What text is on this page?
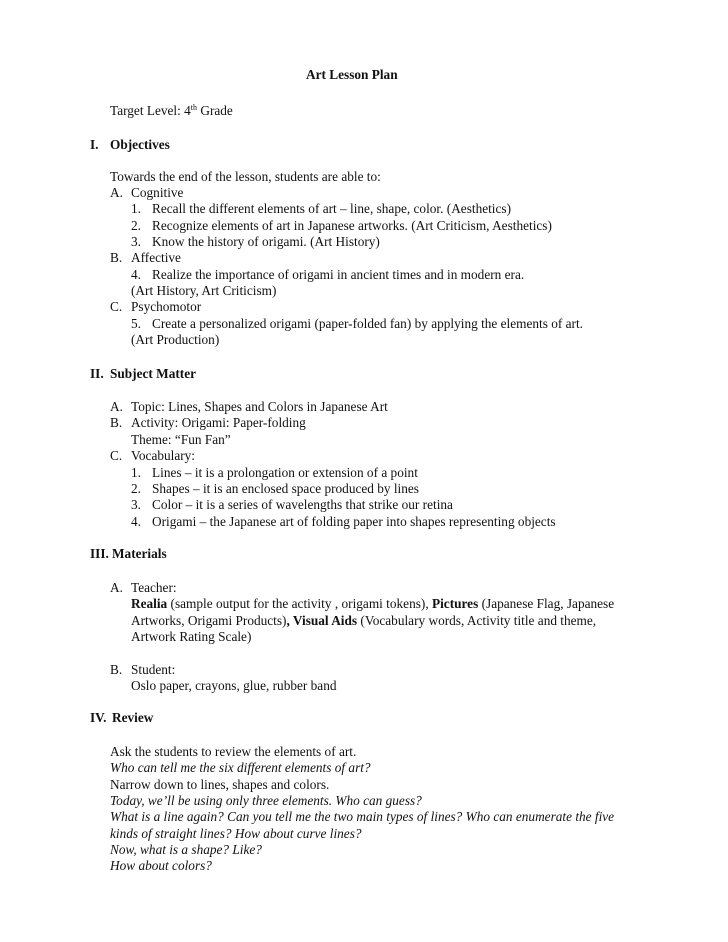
Art Lesson Plan
Target Level: 4th Grade
I. Objectives
Towards the end of the lesson, students are able to:
A. Cognitive
1. Recall the different elements of art – line, shape, color. (Aesthetics)
2. Recognize elements of art in Japanese artworks. (Art Criticism, Aesthetics)
3. Know the history of origami. (Art History)
B. Affective
4. Realize the importance of origami in ancient times and in modern era.
(Art History, Art Criticism)
C. Psychomotor
5. Create a personalized origami (paper-folded fan) by applying the elements of art.
(Art Production)
II. Subject Matter
A. Topic: Lines, Shapes and Colors in Japanese Art
B. Activity: Origami: Paper-folding
Theme: “Fun Fan”
C. Vocabulary:
1. Lines – it is a prolongation or extension of a point
2. Shapes – it is an enclosed space produced by lines
3. Color – it is a series of wavelengths that strike our retina
4. Origami – the Japanese art of folding paper into shapes representing objects
III. Materials
A. Teacher:
Realia (sample output for the activity , origami tokens), Pictures (Japanese Flag, Japanese
Artworks, Origami Products), Visual Aids (Vocabulary words, Activity title and theme,
Artwork Rating Scale)
B. Student:
Oslo paper, crayons, glue, rubber band
IV. Review
Ask the students to review the elements of art.
Who can tell me the six different elements of art?
Narrow down to lines, shapes and colors.
Today, we’ll be using only three elements. Who can guess?
What is a line again? Can you tell me the two main types of lines? Who can enumerate the five
kinds of straight lines? How about curve lines?
Now, what is a shape? Like?
How about colors?
